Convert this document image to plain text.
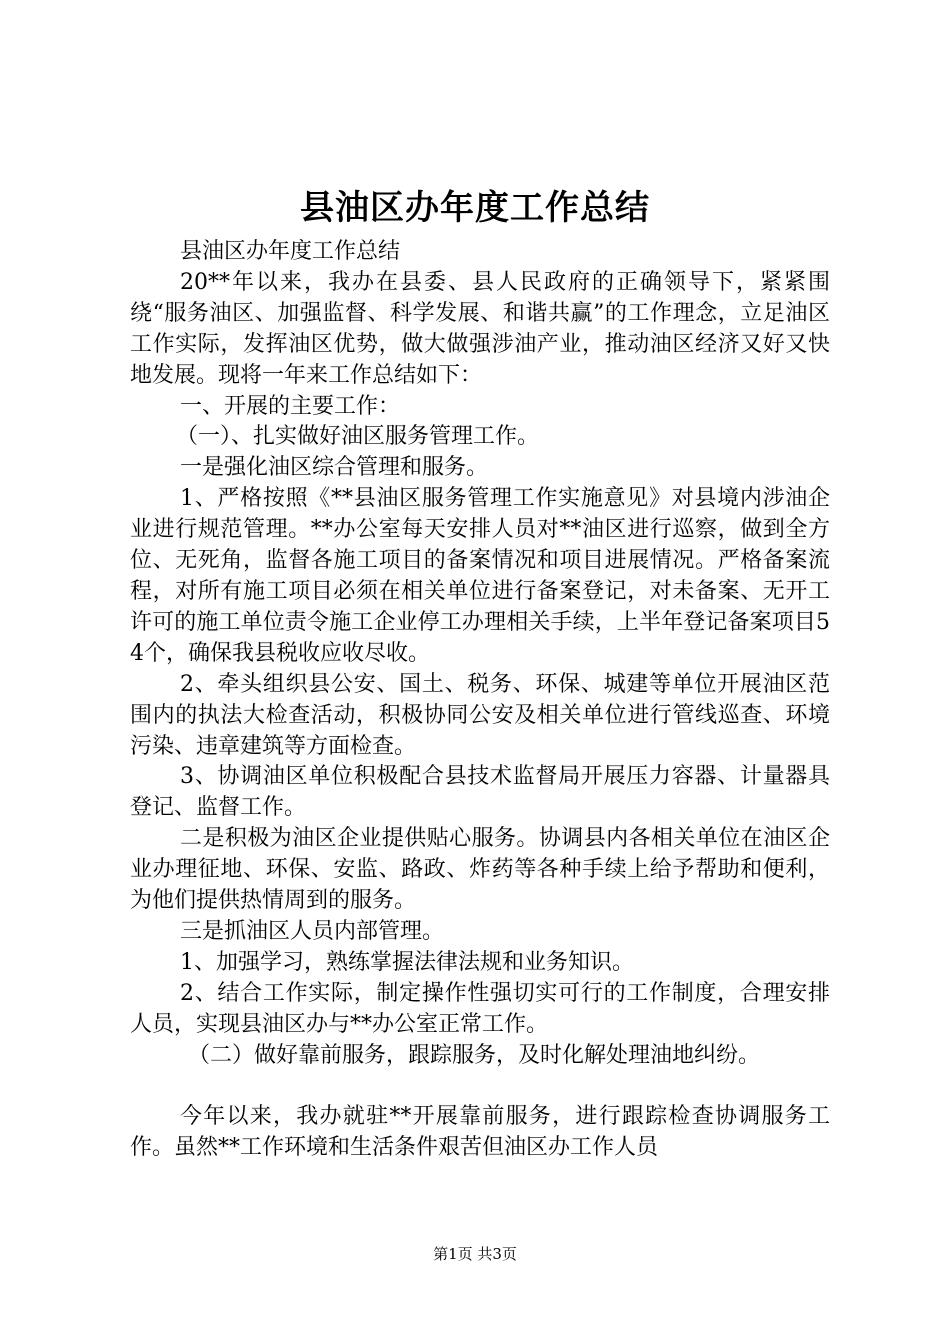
县油区办年度工作总结

县油区办年度工作总结

20**年以来，我办在县委、县人民政府的正确领导下，紧紧围绕“服务油区、加强监督、科学发展、和谐共赢”的工作理念，立足油区工作实际，发挥油区优势，做大做强涉油产业，推动油区经济又好又快地发展。现将一年来工作总结如下：

一、开展的主要工作：

（一）、扎实做好油区服务管理工作。

一是强化油区综合管理和服务。

1、严格按照《**县油区服务管理工作实施意见》对县境内涉油企业进行规范管理。**办公室每天安排人员对**油区进行巡察，做到全方位、无死角，监督各施工项目的备案情况和项目进展情况。严格备案流程，对所有施工项目必须在相关单位进行备案登记，对未备案、无开工许可的施工单位责令施工企业停工办理相关手续，上半年登记备案项目54个，确保我县税收应收尽收。

2、牵头组织县公安、国土、税务、环保、城建等单位开展油区范围内的执法大检查活动，积极协同公安及相关单位进行管线巡查、环境污染、违章建筑等方面检查。

3、协调油区单位积极配合县技术监督局开展压力容器、计量器具登记、监督工作。

二是积极为油区企业提供贴心服务。协调县内各相关单位在油区企业办理征地、环保、安监、路政、炸药等各种手续上给予帮助和便利，为他们提供热情周到的服务。

三是抓油区人员内部管理。

1、加强学习，熟练掌握法律法规和业务知识。

2、结合工作实际，制定操作性强切实可行的工作制度，合理安排人员，实现县油区办与**办公室正常工作。

（二）做好靠前服务，跟踪服务，及时化解处理油地纠纷。

今年以来，我办就驻**开展靠前服务，进行跟踪检查协调服务工作。虽然**工作环境和生活条件艰苦但油区办工作人员

第1页 共3页
